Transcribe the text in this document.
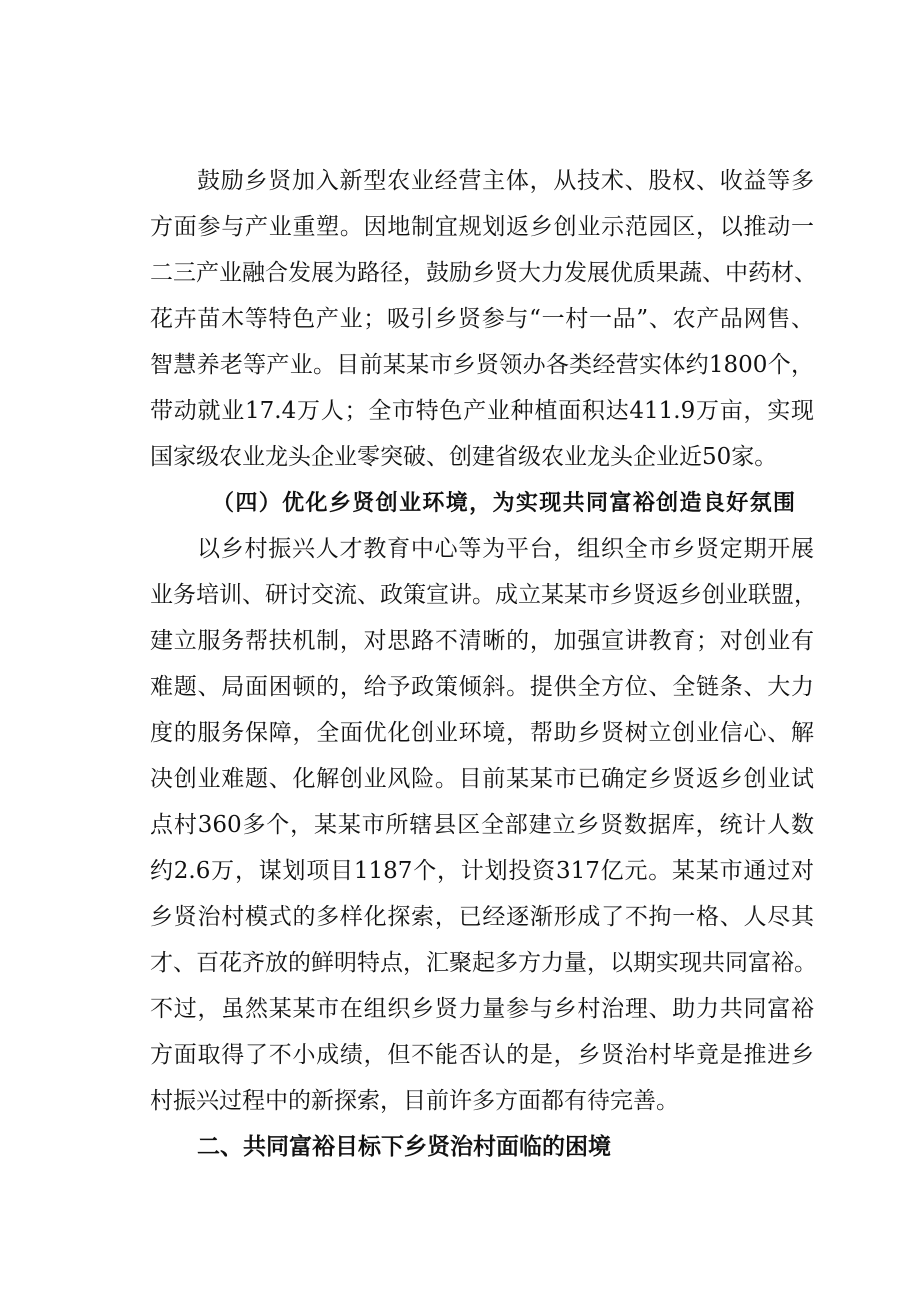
鼓励乡贤加入新型农业经营主体，从技术、股权、收益等多
方面参与产业重塑。因地制宜规划返乡创业示范园区，以推动一
二三产业融合发展为路径，鼓励乡贤大力发展优质果蔬、中药材、
花卉苗木等特色产业；吸引乡贤参与“一村一品”、农产品网售、
智慧养老等产业。目前某某市乡贤领办各类经营实体约1800个，
带动就业17.4万人；全市特色产业种植面积达411.9万亩，实现
国家级农业龙头企业零突破、创建省级农业龙头企业近50家。
（四）优化乡贤创业环境，为实现共同富裕创造良好氛围
以乡村振兴人才教育中心等为平台，组织全市乡贤定期开展
业务培训、研讨交流、政策宣讲。成立某某市乡贤返乡创业联盟，
建立服务帮扶机制，对思路不清晰的，加强宣讲教育；对创业有
难题、局面困顿的，给予政策倾斜。提供全方位、全链条、大力
度的服务保障，全面优化创业环境，帮助乡贤树立创业信心、解
决创业难题、化解创业风险。目前某某市已确定乡贤返乡创业试
点村360多个，某某市所辖县区全部建立乡贤数据库，统计人数
约2.6万，谋划项目1187个，计划投资317亿元。某某市通过对
乡贤治村模式的多样化探索，已经逐渐形成了不拘一格、人尽其
才、百花齐放的鲜明特点，汇聚起多方力量，以期实现共同富裕。
不过，虽然某某市在组织乡贤力量参与乡村治理、助力共同富裕
方面取得了不小成绩，但不能否认的是，乡贤治村毕竟是推进乡
村振兴过程中的新探索，目前许多方面都有待完善。
二、共同富裕目标下乡贤治村面临的困境
